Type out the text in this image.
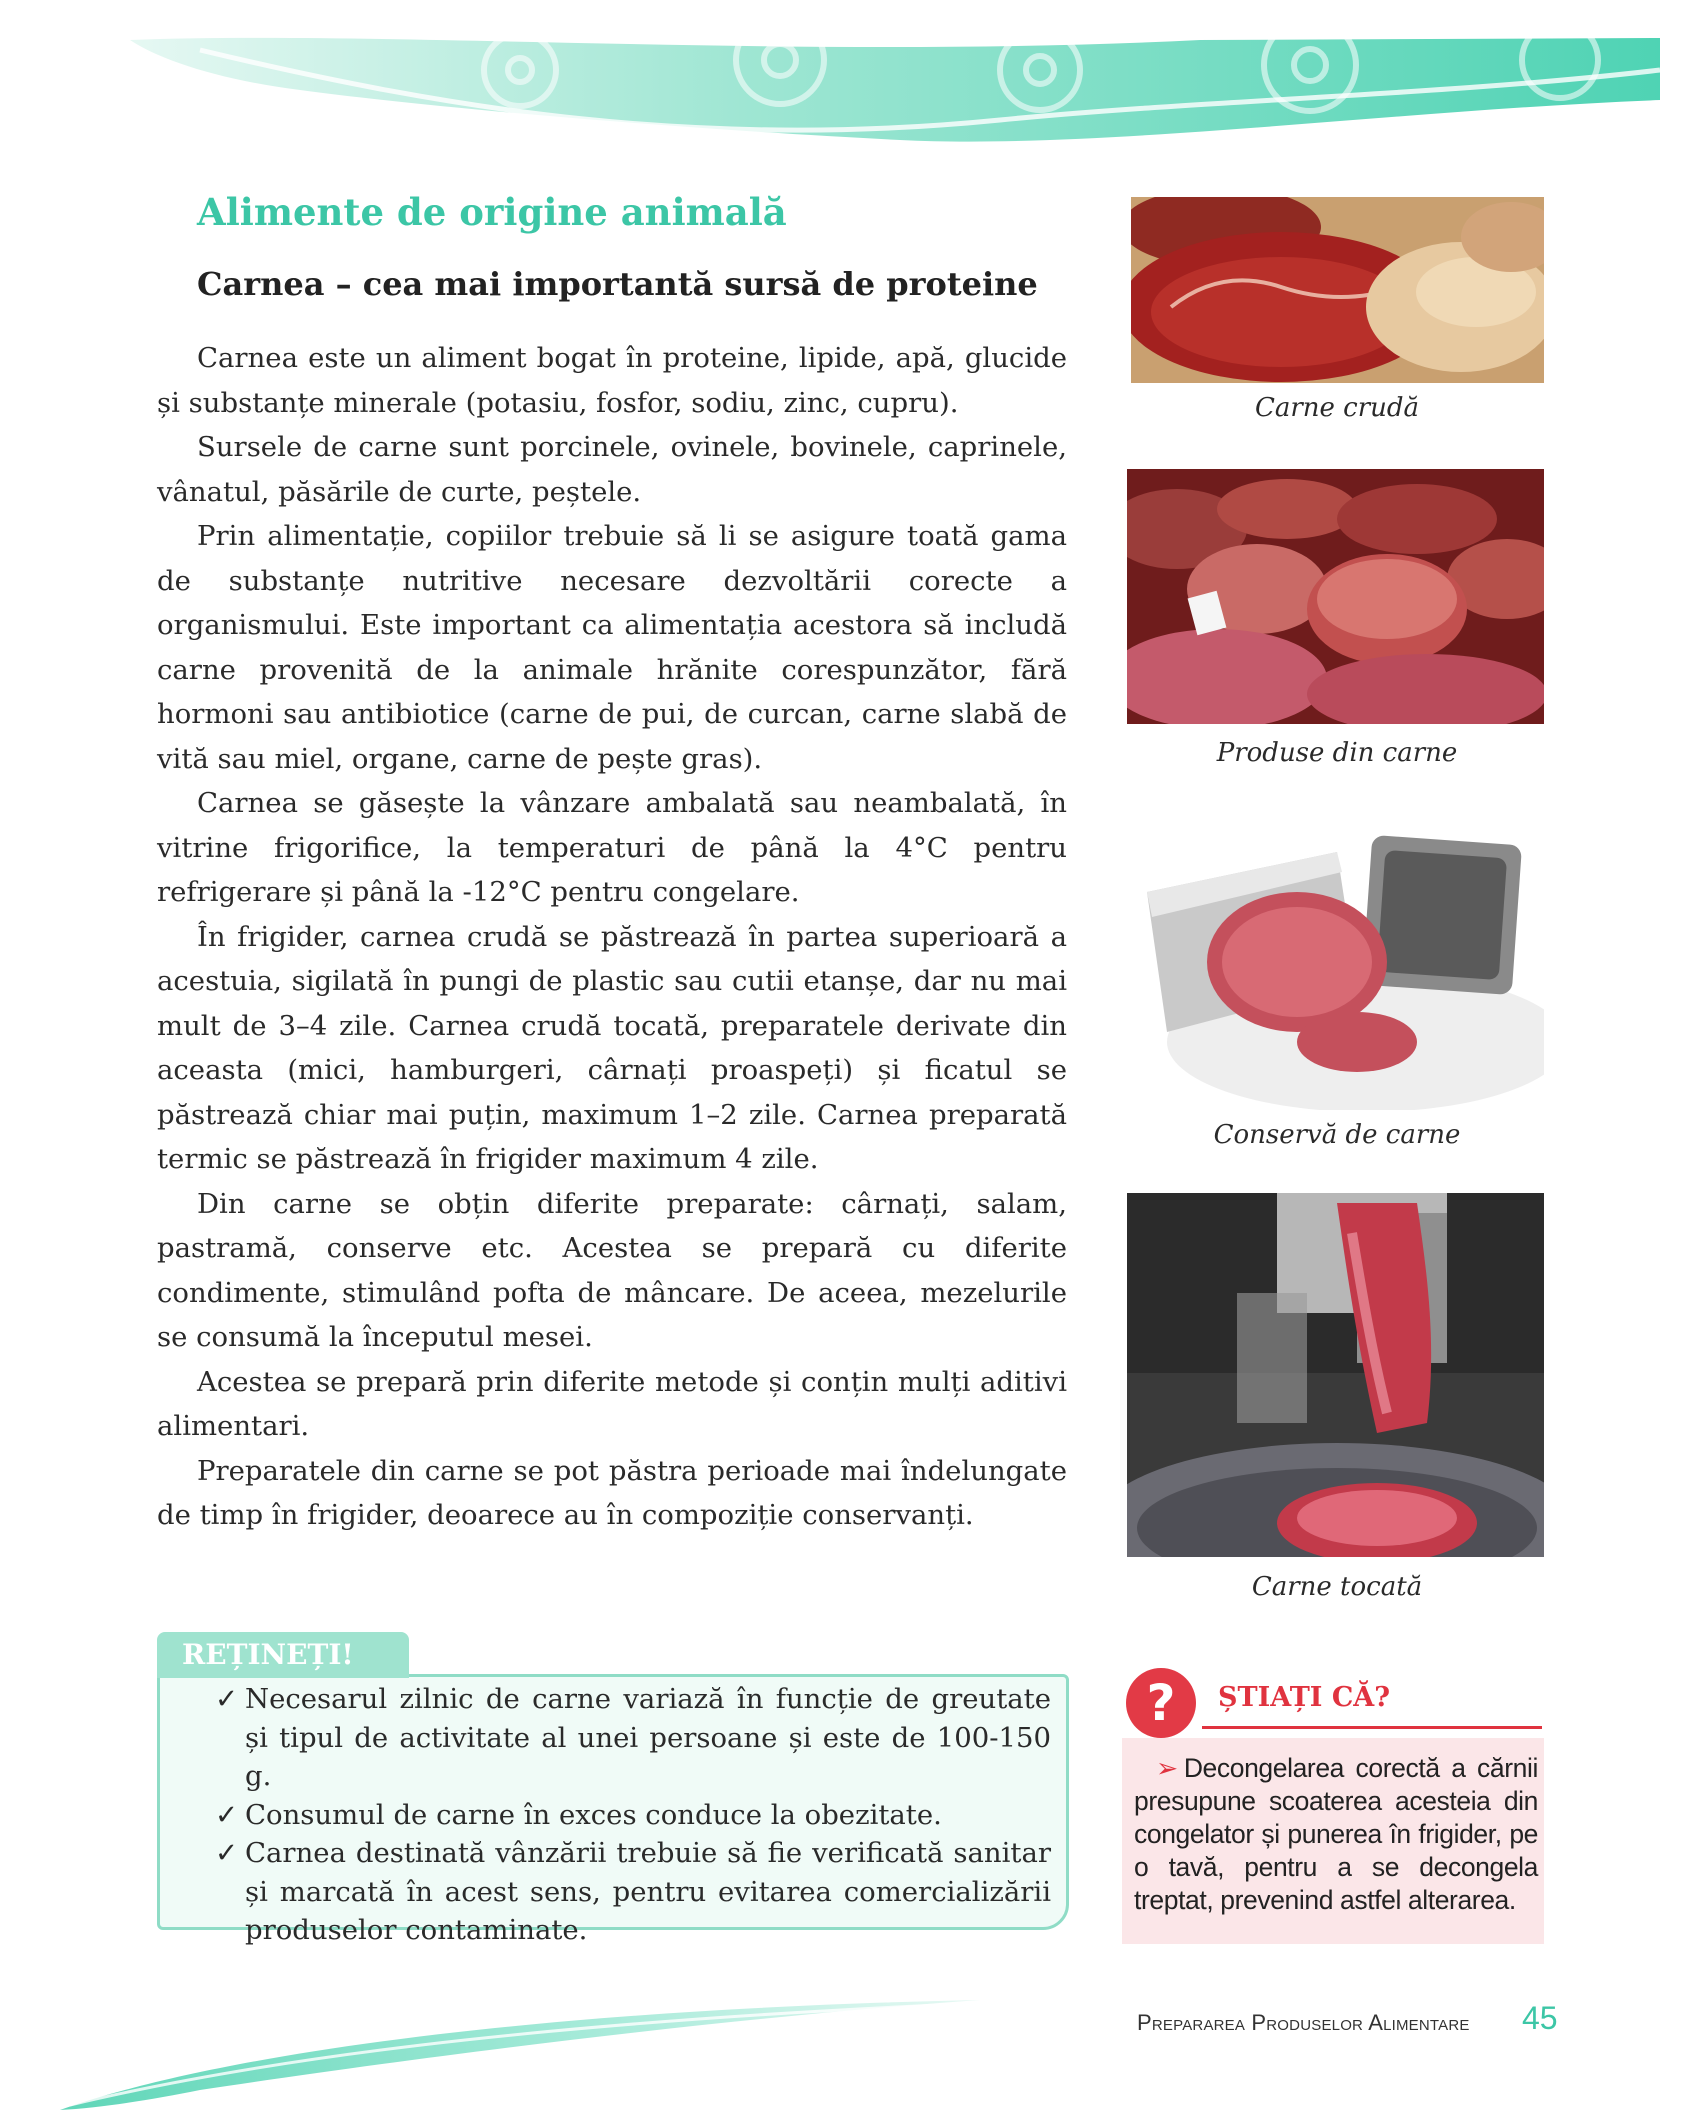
Alimente de origine animală
Carnea – cea mai importantă sursă de proteine

Carnea este un aliment bogat în proteine, lipide, apă, glucide și substanțe minerale (potasiu, fosfor, sodiu, zinc, cupru).

Sursele de carne sunt porcinele, ovinele, bovinele, caprinele, vânatul, păsările de curte, peștele.

Prin alimentație, copiilor trebuie să li se asigure toată gama de substanțe nutritive necesare dezvoltării corecte a organismului. Este important ca alimentația acestora să includă carne provenită de la animale hrănite corespunzător, fără hormoni sau antibiotice (carne de pui, de curcan, carne slabă de vită sau miel, organe, carne de pește gras).

Carnea se găsește la vânzare ambalată sau neambalată, în vitrine frigorifice, la temperaturi de până la 4°C pentru refrigerare și până la -12°C pentru congelare.

În frigider, carnea crudă se păstrează în partea superioară a acestuia, sigilată în pungi de plastic sau cutii etanșe, dar nu mai mult de 3–4 zile. Carnea crudă tocată, preparatele derivate din aceasta (mici, hamburgeri, cârnați proaspeți) și ficatul se păstrează chiar mai puțin, maximum 1–2 zile. Carnea preparată termic se păstrează în frigider maximum 4 zile.

Din carne se obțin diferite preparate: cârnați, salam, pastramă, conserve etc. Acestea se prepară cu diferite condimente, stimulând pofta de mâncare. De aceea, mezelurile se consumă la începutul mesei.

Acestea se prepară prin diferite metode și conțin mulți aditivi alimentari.

Preparatele din carne se pot păstra perioade mai îndelungate de timp în frigider, deoarece au în compoziție conservanți.

Carne crudă
Produse din carne
Conservă de carne
Carne tocată
REȚINEȚI!
✓ Necesarul zilnic de carne variază în funcție de greutate și tipul de activitate al unei persoane și este de 100-150 g.
✓ Consumul de carne în exces conduce la obezitate.
✓ Carnea destinată vânzării trebuie să fie verificată sanitar și marcată în acest sens, pentru evitarea comercializării produselor contaminate.
?	ȘTIAȚI CĂ?
➢ Decongelarea corectă a cărnii presupune scoaterea acesteia din congelator și punerea în frigider, pe o tavă, pentru a se decongela treptat, prevenind astfel alterarea.
Prepararea Produselor Alimentare 45
